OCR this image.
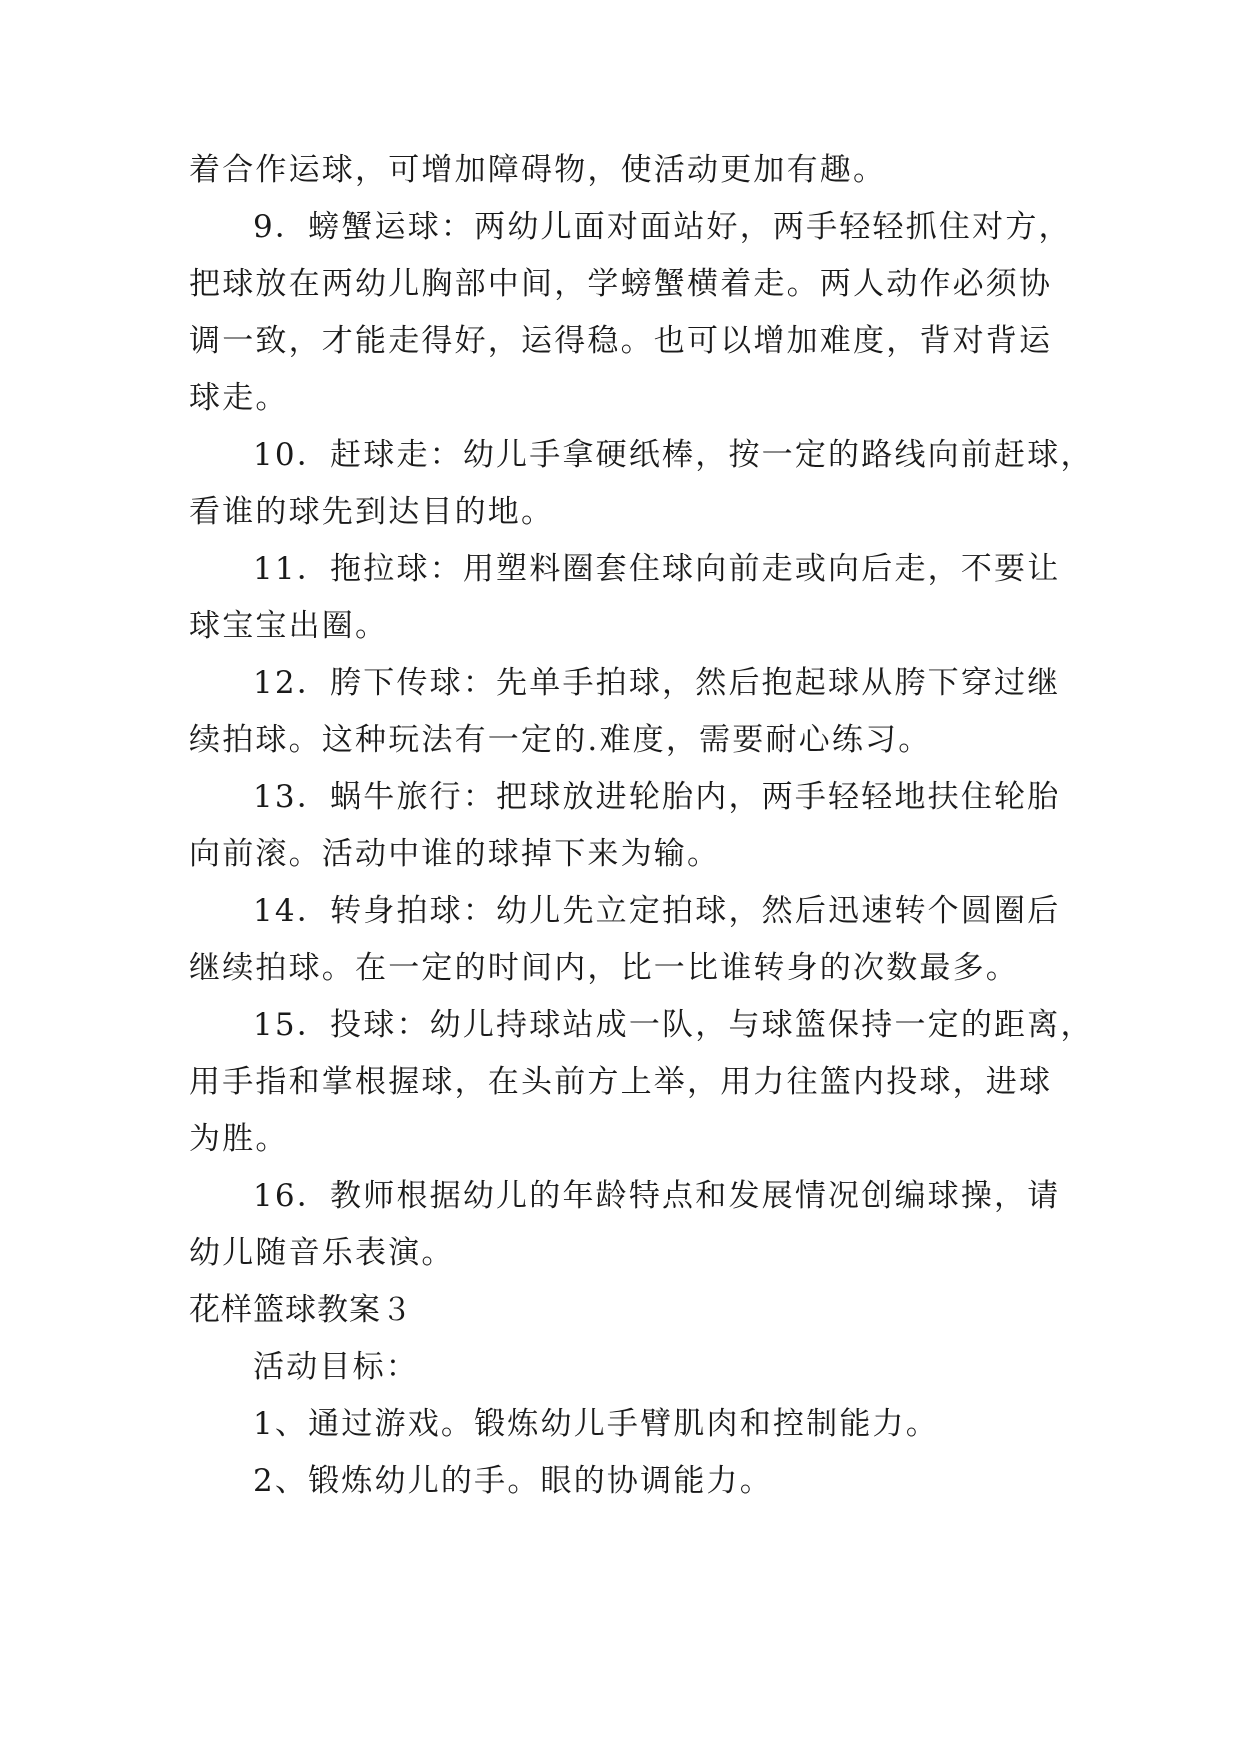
着合作运球，可增加障碍物，使活动更加有趣。
9．螃蟹运球：两幼儿面对面站好，两手轻轻抓住对方，
把球放在两幼儿胸部中间，学螃蟹横着走。两人动作必须协
调一致，才能走得好，运得稳。也可以增加难度，背对背运
球走。
10．赶球走：幼儿手拿硬纸棒，按一定的路线向前赶球，
看谁的球先到达目的地。
11．拖拉球：用塑料圈套住球向前走或向后走，不要让
球宝宝出圈。
12．胯下传球：先单手拍球，然后抱起球从胯下穿过继
续拍球。这种玩法有一定的.难度，需要耐心练习。
13．蜗牛旅行：把球放进轮胎内，两手轻轻地扶住轮胎
向前滚。活动中谁的球掉下来为输。
14．转身拍球：幼儿先立定拍球，然后迅速转个圆圈后
继续拍球。在一定的时间内，比一比谁转身的次数最多。
15．投球：幼儿持球站成一队，与球篮保持一定的距离，
用手指和掌根握球，在头前方上举，用力往篮内投球，进球
为胜。
16．教师根据幼儿的年龄特点和发展情况创编球操，请
幼儿随音乐表演。
花样篮球教案３
活动目标：
1、通过游戏。锻炼幼儿手臂肌肉和控制能力。
2、锻炼幼儿的手。眼的协调能力。
